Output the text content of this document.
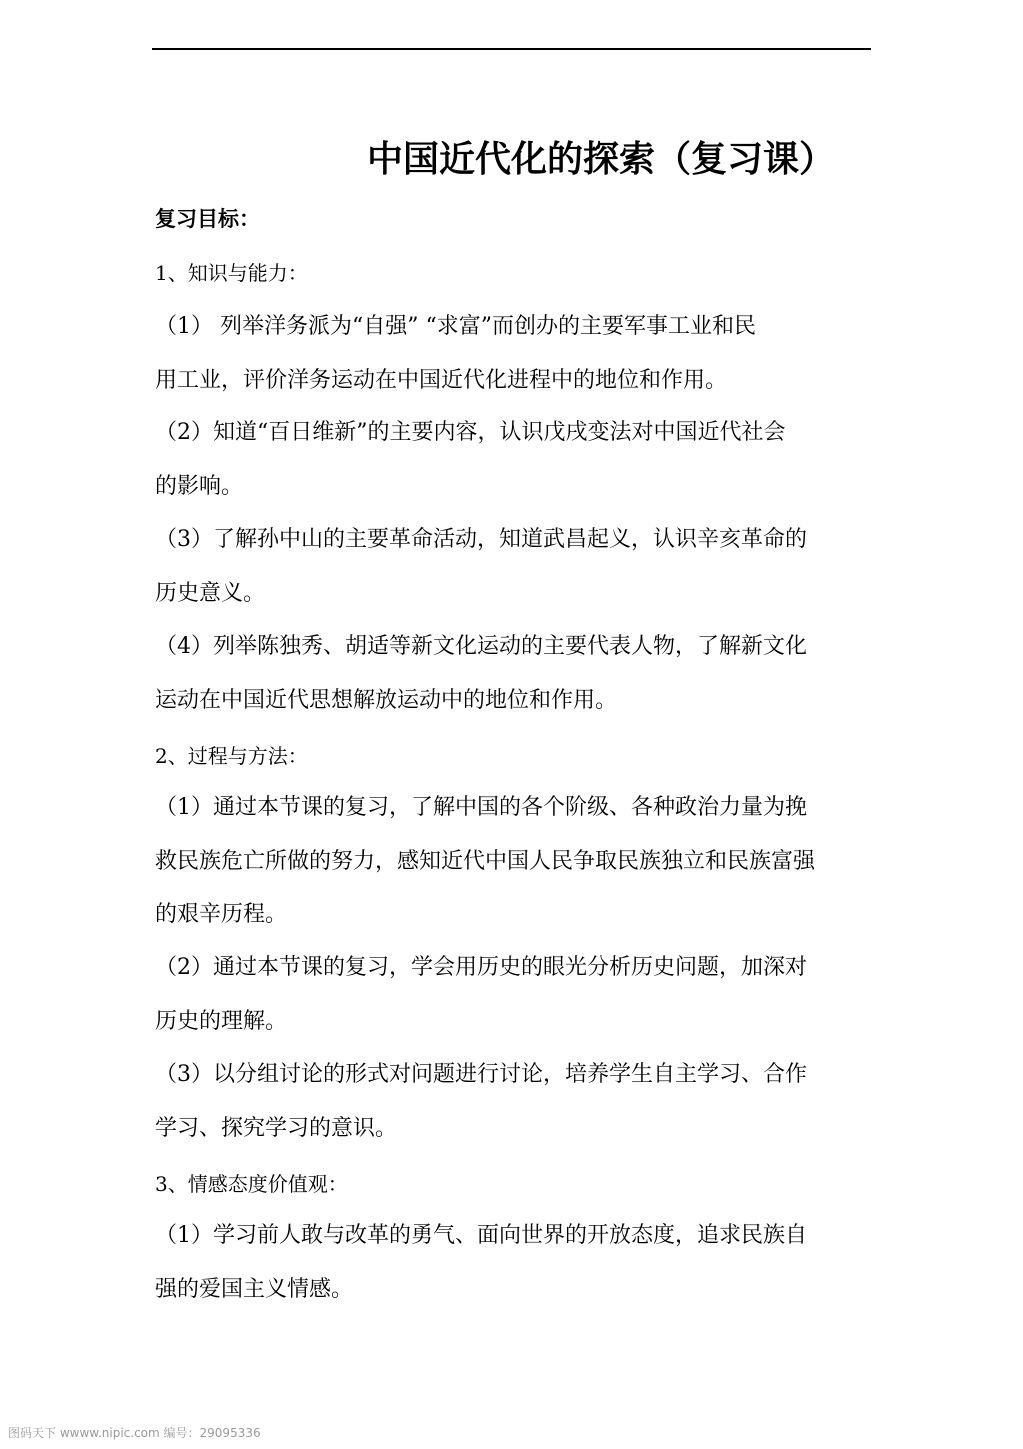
中国近代化的探索（复习课）
复习目标：
1、知识与能力：

（1） 列举洋务派为“自强” “求富”而创办的主要军事工业和民
用工业，评价洋务运动在中国近代化进程中的地位和作用。

（2）知道“百日维新”的主要内容，认识戊戌变法对中国近代社会
的影响。

（3）了解孙中山的主要革命活动，知道武昌起义，认识辛亥革命的
历史意义。

（4）列举陈独秀、胡适等新文化运动的主要代表人物，了解新文化
运动在中国近代思想解放运动中的地位和作用。

2、过程与方法：

（1）通过本节课的复习，了解中国的各个阶级、各种政治力量为挽
救民族危亡所做的努力，感知近代中国人民争取民族独立和民族富强
的艰辛历程。

（2）通过本节课的复习，学会用历史的眼光分析历史问题，加深对
历史的理解。

（3）以分组讨论的形式对问题进行讨论，培养学生自主学习、合作
学习、探究学习的意识。

3、情感态度价值观：

（1）学习前人敢与改革的勇气、面向世界的开放态度，追求民族自
强的爱国主义情感。

图码天下 wwww.nipic.com 编号：29095336
